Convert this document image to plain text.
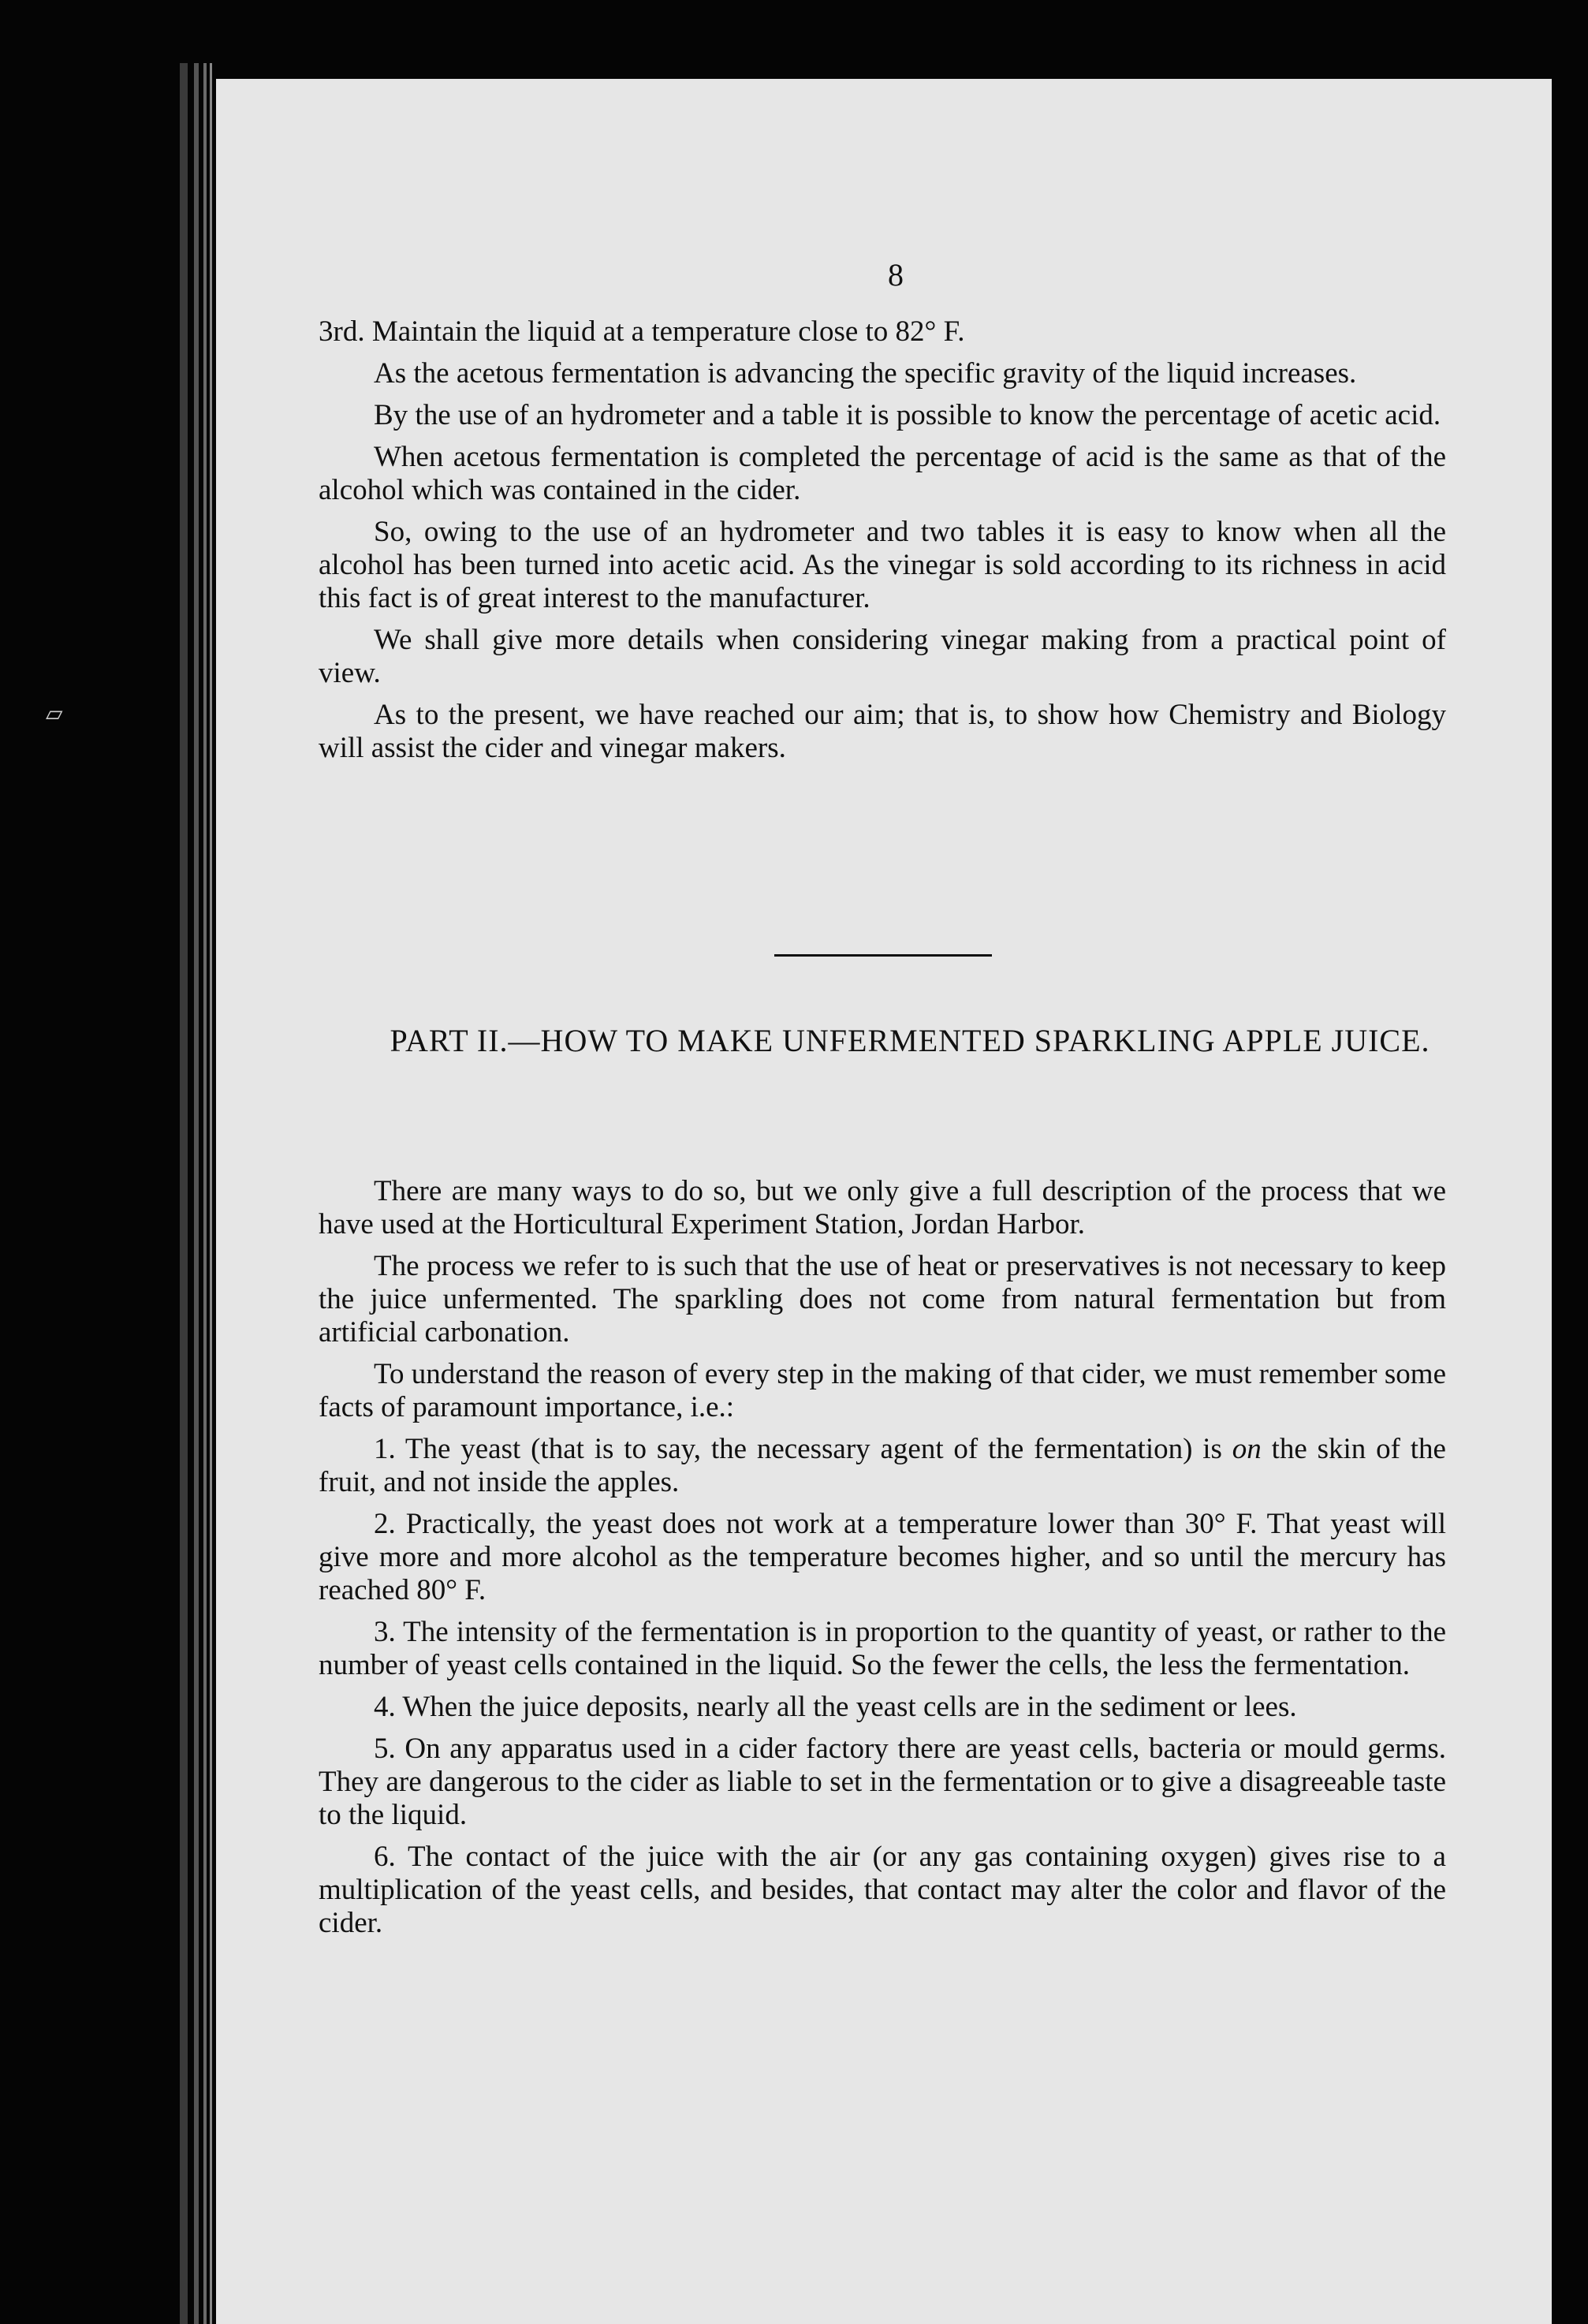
▱
8

3rd. Maintain the liquid at a temperature close to 82° F.

As the acetous fermentation is advancing the specific gravity of the liquid increases.

By the use of an hydrometer and a table it is possible to know the percentage of acetic acid.

When acetous fermentation is completed the percentage of acid is the same as that of the alcohol which was contained in the cider.

So, owing to the use of an hydrometer and two tables it is easy to know when all the alcohol has been turned into acetic acid. As the vinegar is sold according to its richness in acid this fact is of great interest to the manufacturer.

We shall give more details when considering vinegar making from a practical point of view.

As to the present, we have reached our aim; that is, to show how Chemistry and Biology will assist the cider and vinegar makers.

PART II.—HOW TO MAKE UNFERMENTED SPARKLING APPLE JUICE.

There are many ways to do so, but we only give a full description of the process that we have used at the Horticultural Experiment Station, Jordan Harbor.

The process we refer to is such that the use of heat or preservatives is not necessary to keep the juice unfermented. The sparkling does not come from natural fermentation but from artificial carbonation.

To understand the reason of every step in the making of that cider, we must remember some facts of paramount importance, i.e.:

1. The yeast (that is to say, the necessary agent of the fermentation) is on the skin of the fruit, and not inside the apples.

2. Practically, the yeast does not work at a temperature lower than 30° F. That yeast will give more and more alcohol as the temperature becomes higher, and so until the mercury has reached 80° F.

3. The intensity of the fermentation is in proportion to the quantity of yeast, or rather to the number of yeast cells contained in the liquid. So the fewer the cells, the less the fermentation.

4. When the juice deposits, nearly all the yeast cells are in the sediment or lees.

5. On any apparatus used in a cider factory there are yeast cells, bacteria or mould germs. They are dangerous to the cider as liable to set in the fermentation or to give a disagreeable taste to the liquid.

6. The contact of the juice with the air (or any gas containing oxygen) gives rise to a multiplication of the yeast cells, and besides, that contact may alter the color and flavor of the cider.
